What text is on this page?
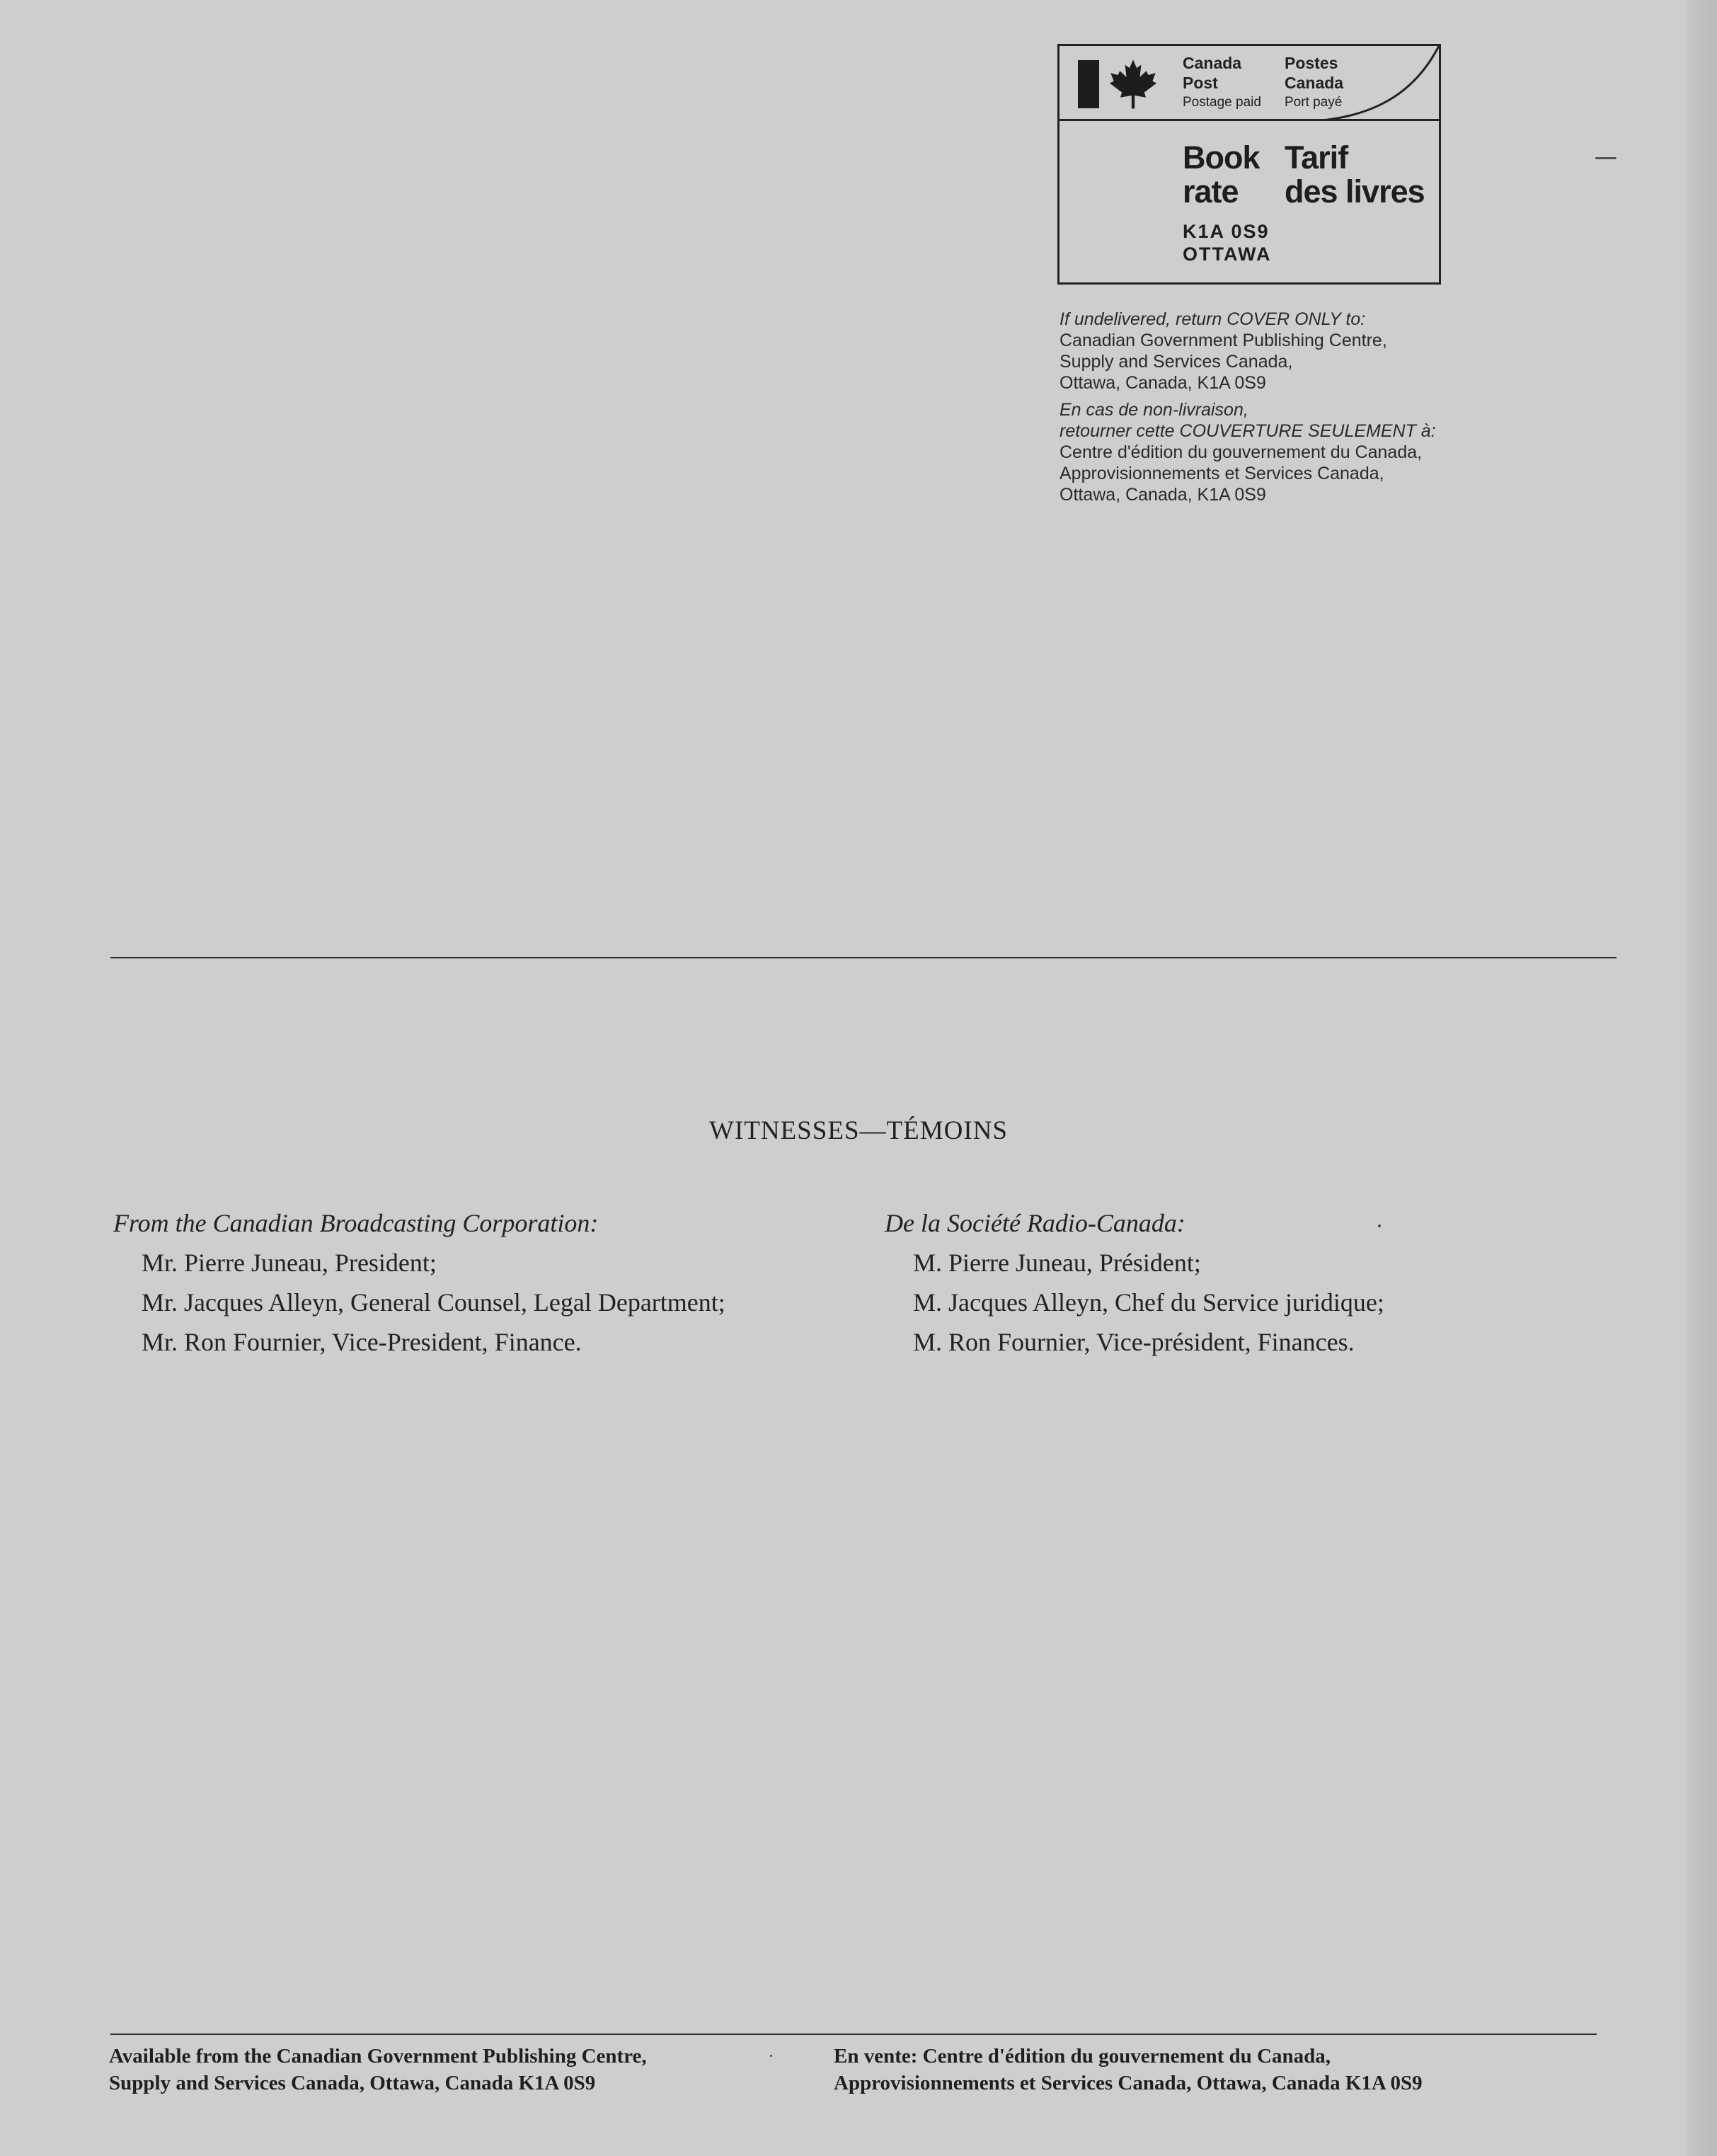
Canada
Post
Postage paid
Postes
Canada
Port payé
Book
rate
Tarif
des livres
K1A 0S9
OTTAWA
If undelivered, return COVER ONLY to:
Canadian Government Publishing Centre,
Supply and Services Canada,
Ottawa, Canada, K1A 0S9
En cas de non-livraison,
retourner cette COUVERTURE SEULEMENT à:
Centre d'édition du gouvernement du Canada,
Approvisionnements et Services Canada,
Ottawa, Canada, K1A 0S9
WITNESSES—TÉMOINS
From the Canadian Broadcasting Corporation:
Mr. Pierre Juneau, President;
Mr. Jacques Alleyn, General Counsel, Legal Department;
Mr. Ron Fournier, Vice-President, Finance.
De la Société Radio-Canada:
M. Pierre Juneau, Président;
M. Jacques Alleyn, Chef du Service juridique;
M. Ron Fournier, Vice-président, Finances.
Available from the Canadian Government Publishing Centre,
Supply and Services Canada, Ottawa, Canada K1A 0S9
En vente: Centre d'édition du gouvernement du Canada,
Approvisionnements et Services Canada, Ottawa, Canada K1A 0S9
